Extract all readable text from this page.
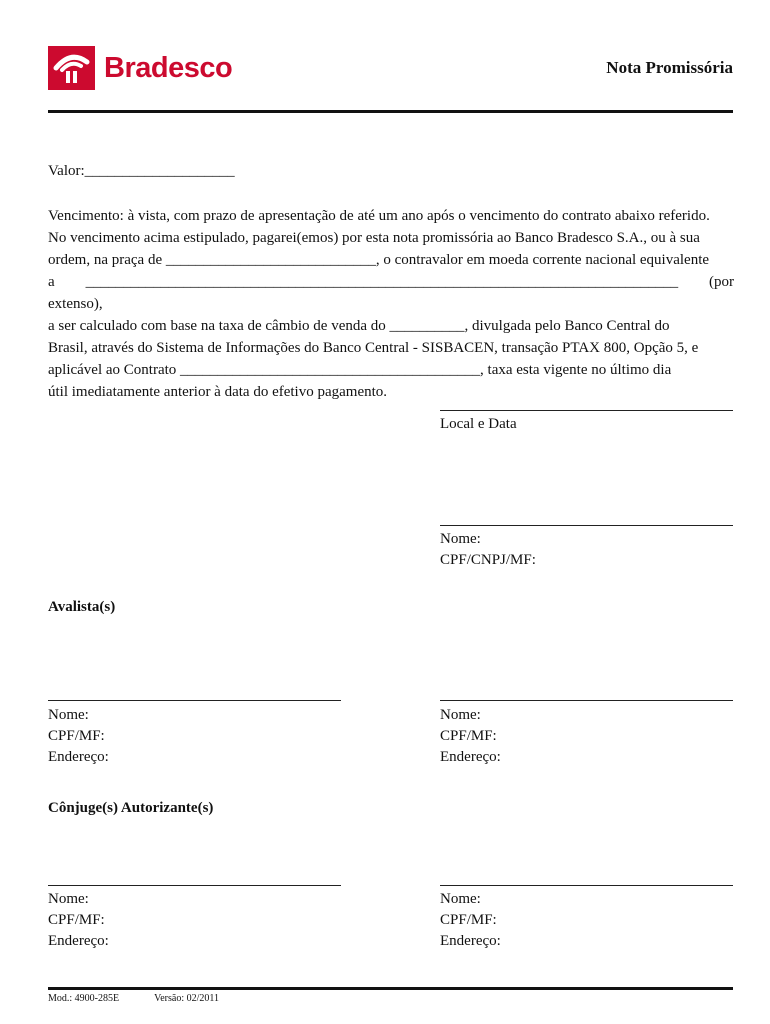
Bradesco	Nota Promissória
Valor:____________________
Vencimento: à vista, com prazo de apresentação de até um ano após o vencimento do contrato abaixo referido.
No vencimento acima estipulado, pagarei(emos) por esta nota promissória ao Banco Bradesco S.A., ou à sua
ordem, na praça de ____________________________, o contravalor em moeda corrente nacional equivalente
a _______________________________________________________________________________ (por extenso),
a ser calculado com base na taxa de câmbio de venda do __________, divulgada pelo Banco Central do
Brasil, através do Sistema de Informações do Banco Central - SISBACEN, transação PTAX 800, Opção 5, e
aplicável ao Contrato ________________________________________, taxa esta vigente no último dia
útil imediatamente anterior à data do efetivo pagamento.
Local e Data
Nome:
CPF/CNPJ/MF:
Avalista(s)
Nome:
CPF/MF:
Endereço:
Nome:
CPF/MF:
Endereço:
Cônjuge(s) Autorizante(s)
Nome:
CPF/MF:
Endereço:
Nome:
CPF/MF:
Endereço:
Mod.: 4900-285E	Versão: 02/2011
